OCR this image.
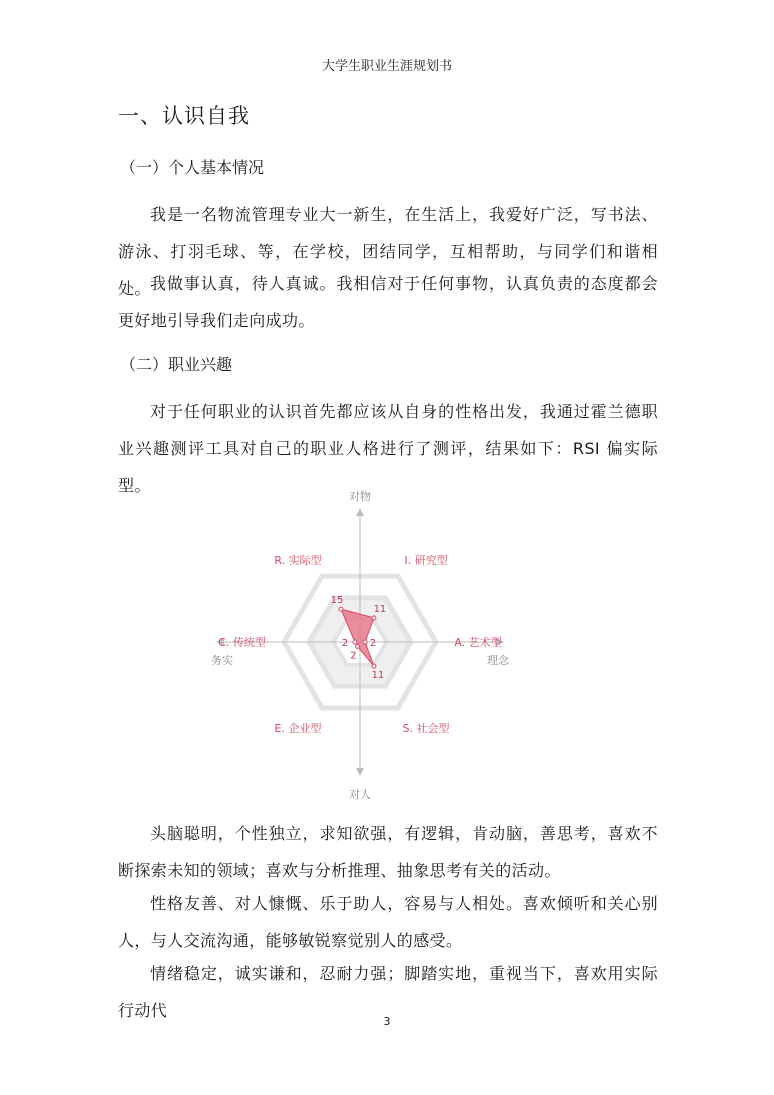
大学生职业生涯规划书
一、认识自我
（一）个人基本情况

我是一名物流管理专业大一新生，在生活上，我爱好广泛，写书法、游泳、打羽毛球、等，在学校，团结同学，互相帮助，与同学们和谐相处。 我做事认真，待人真诚。我相信对于任何事物，认真负责的态度都会更好地引导我们走向成功。

（二）职业兴趣

对于任何职业的认识首先都应该从自身的性格出发，我通过霍兰德职业兴趣测评工具对自己的职业人格进行了测评，结果如下：RSI 偏实际型。

对物
对人
务实	理念
R. 实际型	I. 研究型
A. 艺术型
S. 社会型
E. 企业型
C. 传统型
15
11
2
11
2
2

头脑聪明，个性独立，求知欲强，有逻辑，肯动脑，善思考，喜欢不断探索未知的领域；喜欢与分析推理、抽象思考有关的活动。

性格友善、对人慷慨、乐于助人，容易与人相处。喜欢倾听和关心别人，与人交流沟通，能够敏锐察觉别人的感受。

情绪稳定，诚实谦和，忍耐力强；脚踏实地，重视当下，喜欢用实际行动代

3
